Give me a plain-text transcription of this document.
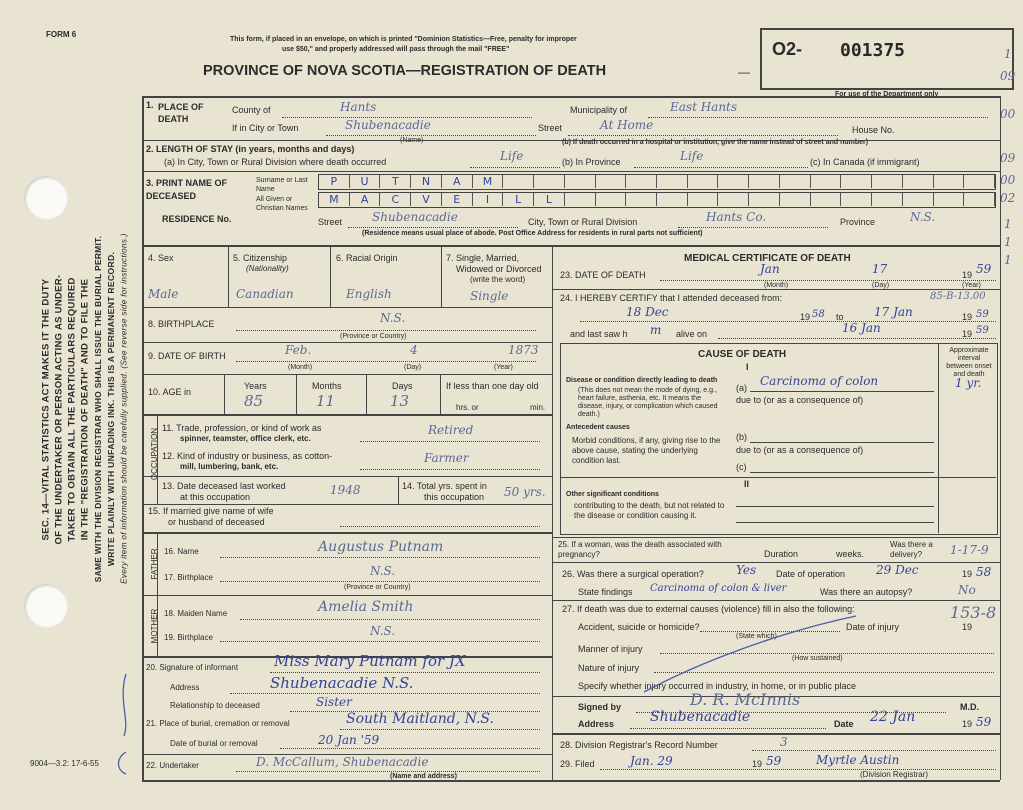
SEC. 14—VITAL STATISTICS ACT MAKES IT THE DUTY OF THE UNDERTAKER OR PERSON ACTING AS UNDER- TAKER TO OBTAIN ALL THE PARTICULARS REQUIRED IN THE "REGISTRATION OF DEATH" AND TO FILE THE SAME WITH THE DIVISION REGISTRAR WHO SHALL ISSUE THE BURIAL PERMIT. WRITE PLAINLY WITH UNFADING INK. THIS IS A PERMANENT RECORD. Every item of information should be carefully supplied. (See reverse side for instructions.)
FORM 6
This form, if placed in an envelope, on which is printed "Dominion Statistics—Free, penalty for improper
use $50," and properly addressed will pass through the mail "FREE"
PROVINCE OF NOVA SCOTIA—REGISTRATION OF DEATH
O2- 001375
For use of the Department only
—
1
09
00
09
00
02
1
1
1
1. PLACE OF DEATH
County of	Hants	Municipality of	East Hants
If in City or Town	Shubenacadie
(Name)
Street	At Home	House No.
(b) If death occurred in a hospital or institution, give the name instead of street and number)
2. LENGTH OF STAY (in years, months and days)
(a) In City, Town or Rural Division where death occurred	Life	(b) In Province	Life	(c) In Canada (if immigrant)
3. PRINT NAME OF DECEASED
Surname or Last Name
All Given or Christian Names
P	U	T	N	A	M
M	A	C	V	E	I	L	L
RESIDENCE No.	Street Shubenacadie	City, Town or Rural Division	Hants Co.	Province	N.S.
(Residence means usual place of abode. Post Office Address for residents in rural parts not sufficient)
4. Sex
Male
5. Citizenship
(Nationality)
Canadian
6. Racial Origin
English
7. Single, Married,
Widowed or Divorced
(write the word)
Single
8. BIRTHPLACE	N.S.
(Province or Country)
9. DATE OF BIRTH	Feb.	4	1873
(Month)	(Day)	(Year)
10. AGE in
Years	Months	Days
85	11	13
If less than one day old
hrs. or	min.
OCCUPATION 11. Trade, profession, or kind of work as
spinner, teamster, office clerk, etc.
Retired
12. Kind of industry or business, as cotton-
mill, lumbering, bank, etc.
Farmer
13. Date deceased last worked
at this occupation	1948	14. Total yrs. spent in
this occupation 50 yrs.
15. If married give name of wife
or husband of deceased
FATHER
MOTHER
16. Name	Augustus Putnam
17. Birthplace	N.S.
(Province or Country)
18. Maiden Name	Amelia Smith
19. Birthplace	N.S.
20. Signature of informant Miss Mary Putnam for JX
Address	Shubenacadie N.S.
Relationship to deceased	Sister
21. Place of burial, cremation or removal	South Maitland, N.S.
Date of burial or removal	20 Jan '59
22. Undertaker	D. McCallum, Shubenacadie
(Name and address)
9004—3.2: 17-6-55
MEDICAL CERTIFICATE OF DEATH
23. DATE OF DEATH	Jan	17	19 59
(Month)	(Day)	(Year)
24. I HEREBY CERTIFY that I attended deceased from:	85-B-13.00
18 Dec	19 58 to	17 Jan	19 59
and last saw h m alive on	16 Jan	19 59
CAUSE OF DEATH	Approximate interval between onset and death
I
Disease or condition directly leading to death
(This does not mean the mode of dying, e.g., heart failure, asthenia, etc. It means the disease, injury, or complication which caused death.)
(a) Carcinoma of colon	1 yr.
due to (or as a consequence of)
Antecedent causes
Morbid conditions, if any, giving rise to the above cause, stating the underlying condition last.
(b)
due to (or as a consequence of)
(c)
II
Other significant conditions
contributing to the death, but not related to the disease or condition causing it.
25. If a woman, was the death associated with pregnancy?	Duration	weeks.
Was there a delivery?	1-17-9
26. Was there a surgical operation?	Yes Date of operation	29 Dec	19 58
State findings Carcinoma of colon & liver	Was there an autopsy?	No
27. If death was due to external causes (violence) fill in also the following:
Accident, suicide or homicide?
(State which)
Date of injury	19
153-8
Manner of injury
(How sustained)
Nature of injury
Specify whether injury occurred in industry, in home, or in public place
Signed by	D. R. McInnis	M.D.
Address	Shubenacadie	Date 22 Jan	19 59
28. Division Registrar's Record Number	3
29. Filed	Jan. 29	19 59	Myrtle Austin
(Division Registrar)
